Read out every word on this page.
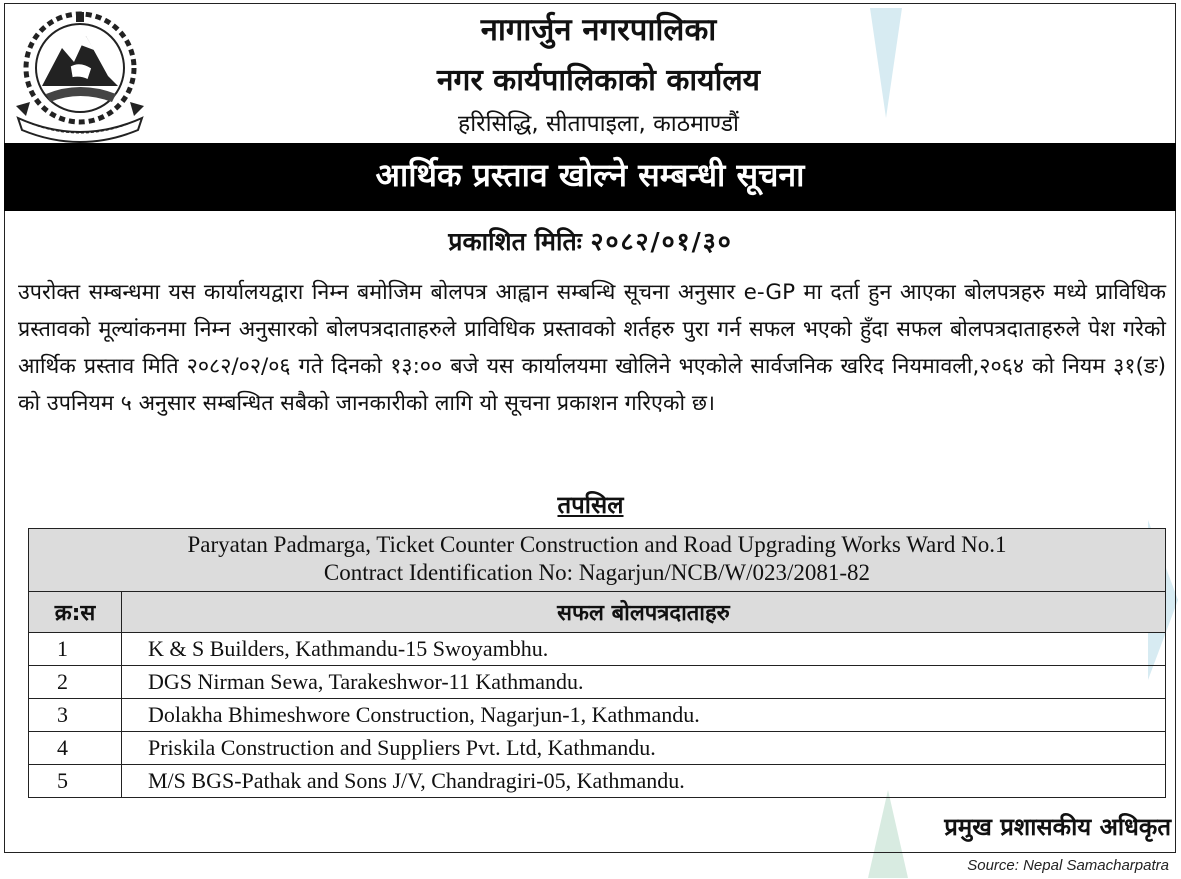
नागार्जुन नगरपालिका
नगर कार्यपालिकाको कार्यालय
हरिसिद्धि, सीतापाइला, काठमाण्डौं
आर्थिक प्रस्ताव खोल्ने सम्बन्धी सूचना
प्रकाशित मितिः २०८२/०१/३०
उपरोक्त सम्बन्धमा यस कार्यालयद्वारा निम्न बमोजिम बोलपत्र आह्वान सम्बन्धि सूचना अनुसार e-GP मा दर्ता हुन आएका बोलपत्रहरु मध्ये प्राविधिक प्रस्तावको मूल्यांकनमा निम्न अनुसारको बोलपत्रदाताहरुले प्राविधिक प्रस्तावको शर्तहरु पुरा गर्न सफल भएको हुँदा सफल बोलपत्रदाताहरुले पेश गरेको आर्थिक प्रस्ताव मिति २०८२/०२/०६ गते दिनको १३:०० बजे यस कार्यालयमा खोलिने भएकोले सार्वजनिक खरिद नियमावली,२०६४ को नियम ३१(ङ) को उपनियम ५ अनुसार सम्बन्धित सबैको जानकारीको लागि यो सूचना प्रकाशन गरिएको छ।
तपसिल
Paryatan Padmarga, Ticket Counter Construction and Road Upgrading Works Ward No.1
Contract Identification No: Nagarjun/NCB/W/023/2081-82	

क्र:स	सफल बोलपत्रदाताहरु
1	K & S Builders, Kathmandu-15 Swoyambhu.
2	DGS Nirman Sewa, Tarakeshwor-11 Kathmandu.
3	Dolakha Bhimeshwore Construction, Nagarjun-1, Kathmandu.
4	Priskila Construction and Suppliers Pvt. Ltd, Kathmandu.
5	M/S BGS-Pathak and Sons J/V, Chandragiri-05, Kathmandu.
प्रमुख प्रशासकीय अधिकृत
Source: Nepal Samacharpatra
